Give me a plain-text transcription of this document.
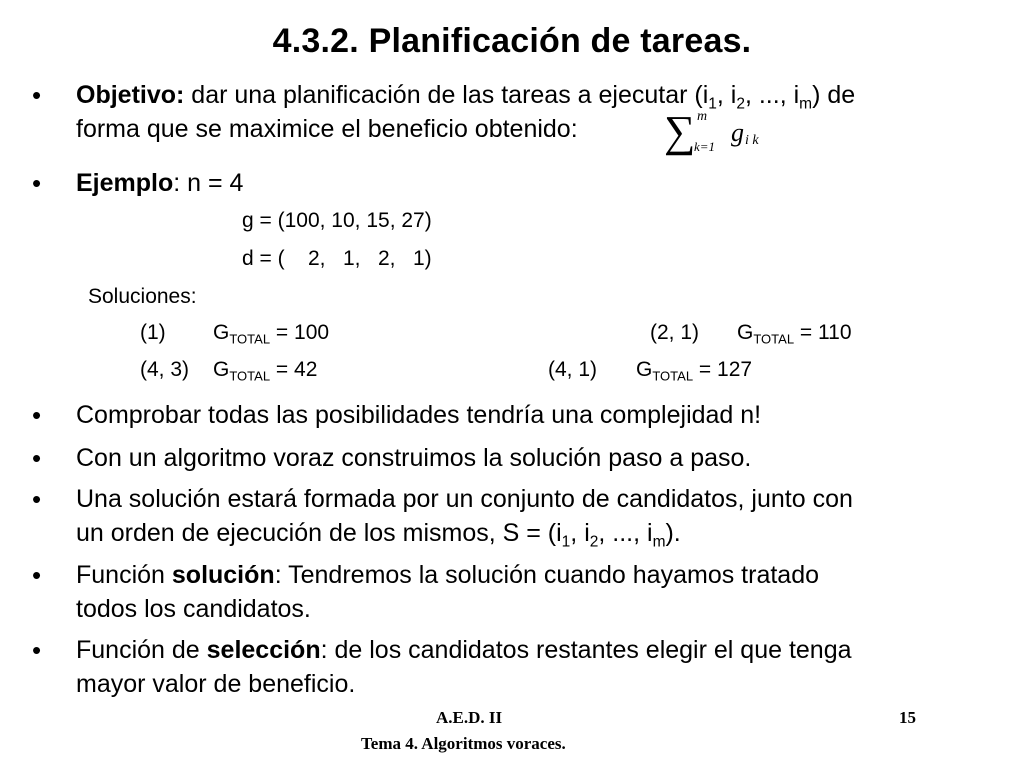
4.3.2. Planificación de tareas.
• Objetivo: dar una planificación de las tareas a ejecutar ($i_1$, $i_2$, ..., $i_m$) de
forma que se maximice el beneficio obtenido: ∑ m
k=1 g i k
• Ejemplo: n = 4
g = (100, 10, 15, 27)
d = (    2,   1,   2,   1)
Soluciones:
(1) $G_{TOTAL} = 100$	(2, 1) $G_{TOTAL} = 110$
(4, 3) $G_{TOTAL} = 42$	(4, 1) $G_{TOTAL} = 127$
• Comprobar todas las posibilidades tendría una complejidad n!
• Con un algoritmo voraz construimos la solución paso a paso.
• Una solución estará formada por un conjunto de candidatos, junto con
un orden de ejecución de los mismos, $S = (i_1$, $i_2$, ..., $i_m$).
• Función solución: Tendremos la solución cuando hayamos tratado
todos los candidatos.
• Función de selección: de los candidatos restantes elegir el que tenga
mayor valor de beneficio.
A.E.D. II
Tema 4. Algoritmos voraces.
15
